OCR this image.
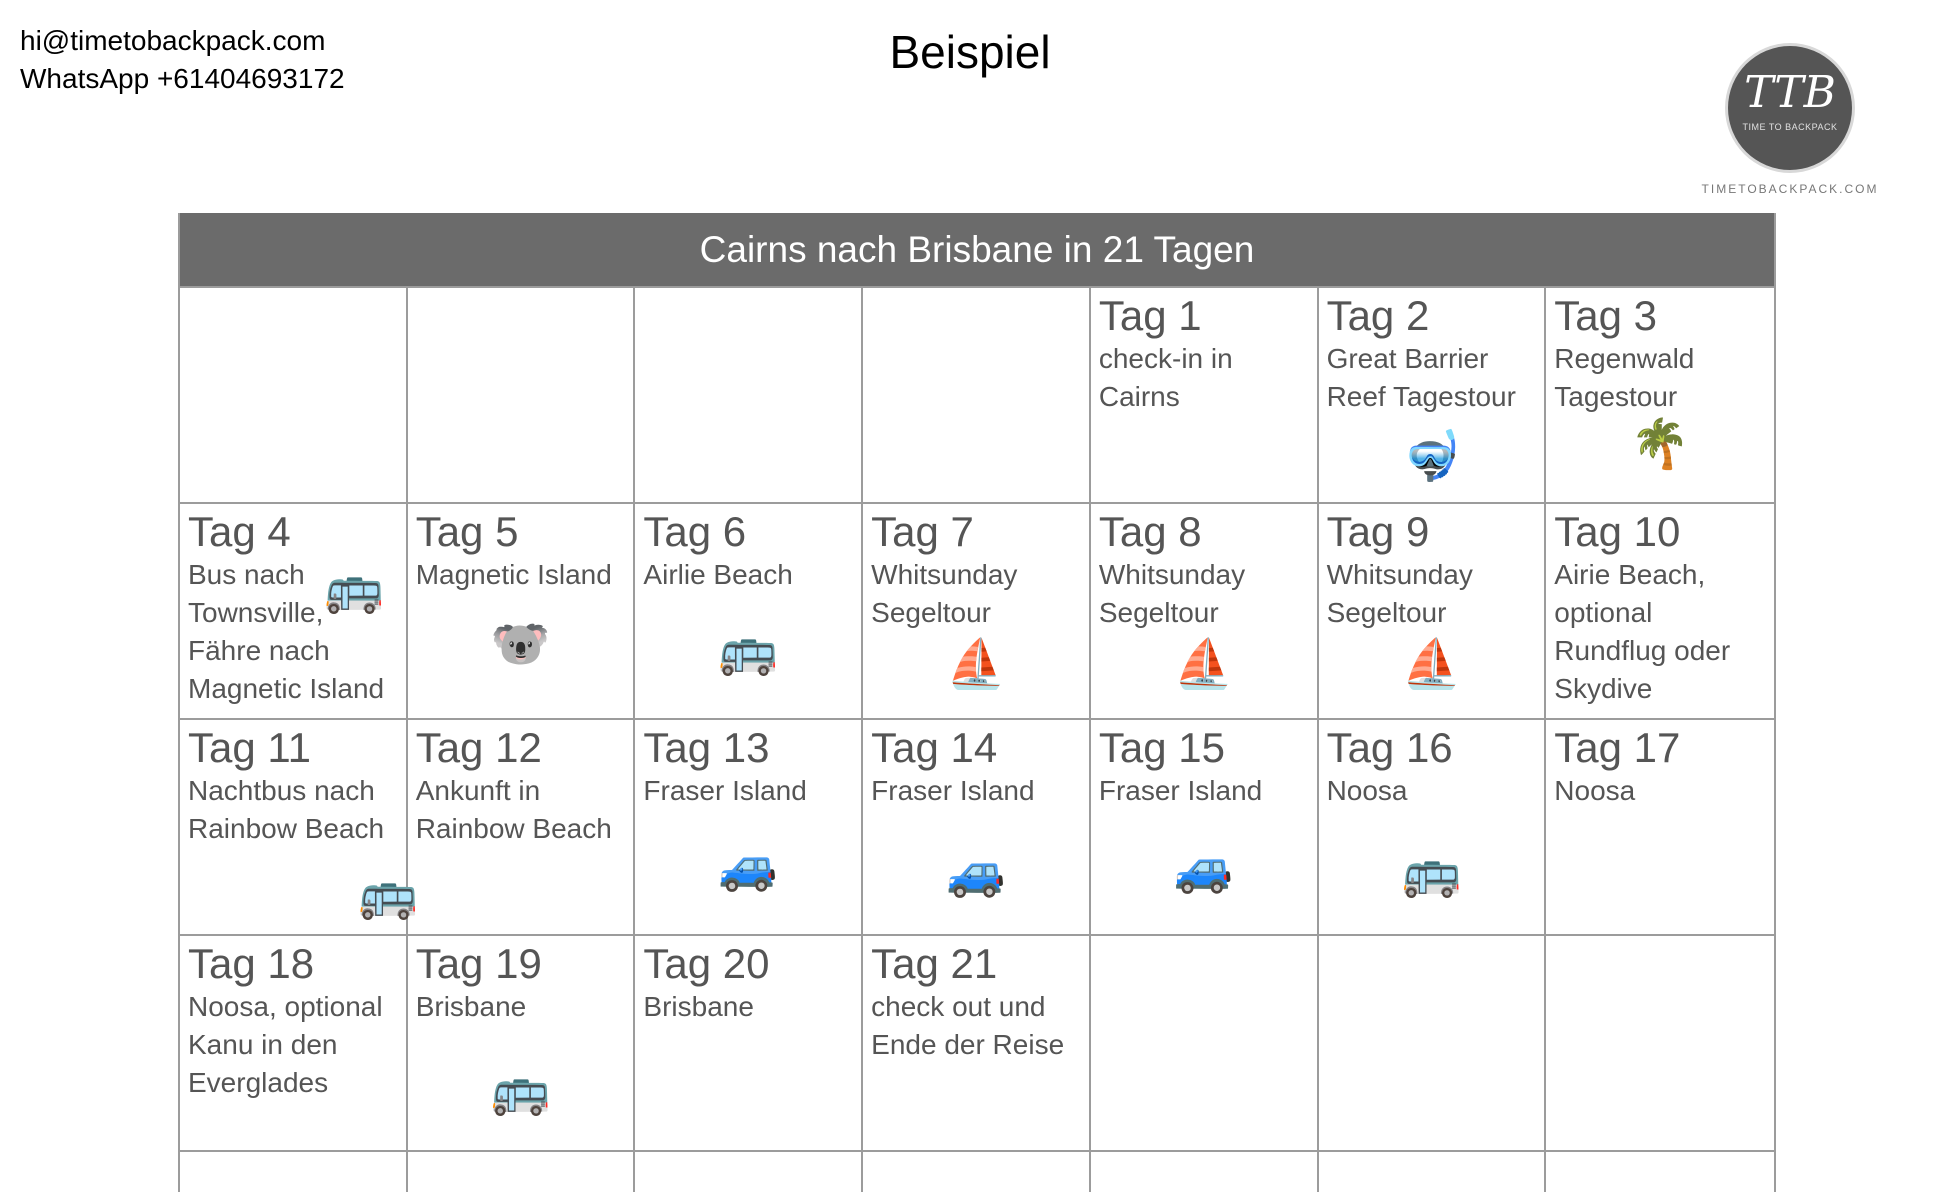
hi@timetobackpack.com
WhatsApp +61404693172
Beispiel
TTB
TIME TO BACKPACK
TIMETOBACKPACK.COM
Cairns nach Brisbane in 21 Tagen
Tag 1
check-in in
Cairns
Tag 2
Great Barrier
Reef Tagestour
🤿
Tag 3
Regenwald
Tagestour
🌴
Tag 4
Bus nach
Townsville,
Fähre nach
Magnetic Island
🚌
Tag 5
Magnetic Island
🐨
Tag 6
Airlie Beach
🚌
Tag 7
Whitsunday
Segeltour
⛵
Tag 8
Whitsunday
Segeltour
⛵
Tag 9
Whitsunday
Segeltour
⛵
Tag 10
Airie Beach,
optional
Rundflug oder
Skydive
Tag 11
Nachtbus nach
Rainbow Beach
🚌
Tag 12
Ankunft in
Rainbow Beach
Tag 13
Fraser Island
🚙
Tag 14
Fraser Island
🚙
Tag 15
Fraser Island
🚙
Tag 16
Noosa
🚌
Tag 17
Noosa
Tag 18
Noosa, optional
Kanu in den
Everglades
Tag 19
Brisbane
🚌
Tag 20
Brisbane
Tag 21
check out und
Ende der Reise
